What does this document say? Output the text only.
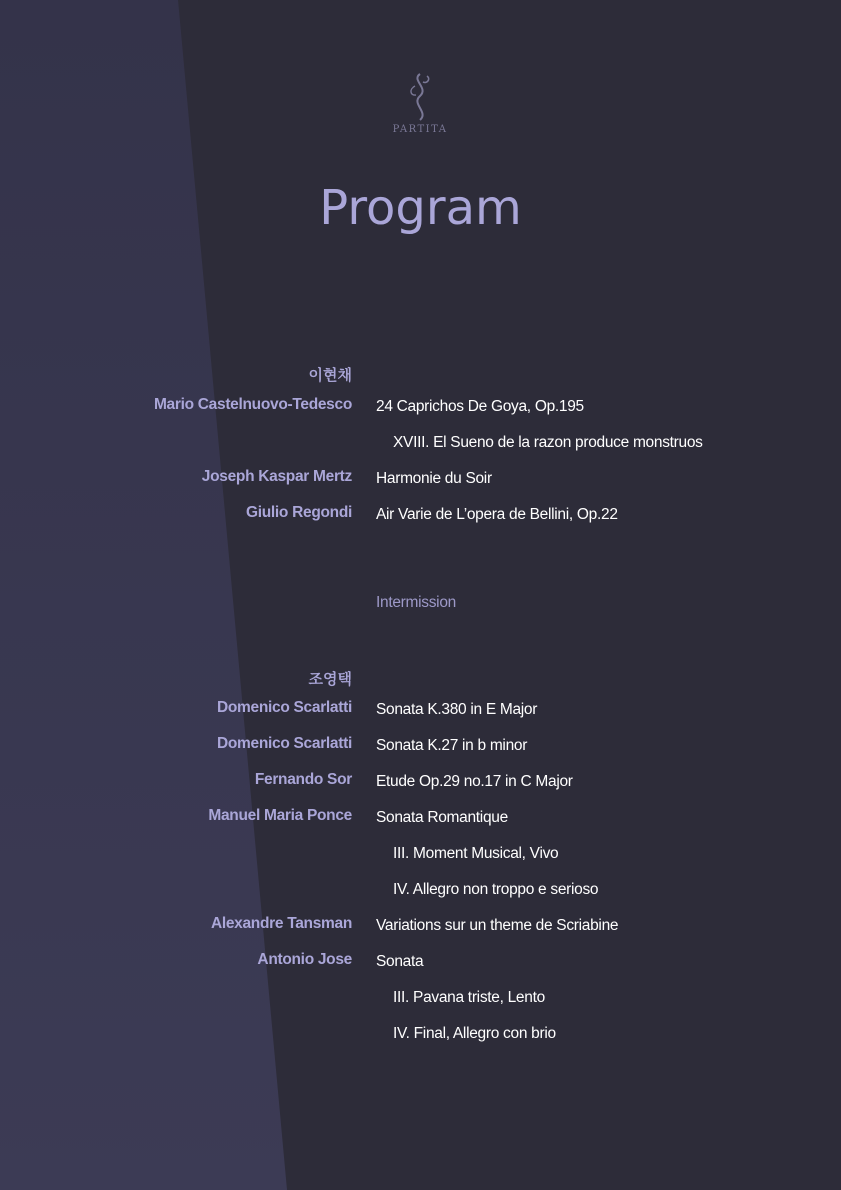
PARTITA
Program
이현채
Mario Castelnuovo-Tedesco 24 Caprichos De Goya, Op.195
XVIII. El Sueno de la razon produce monstruos
Joseph Kaspar Mertz Harmonie du Soir
Giulio Regondi Air Varie de L’opera de Bellini, Op.22
Intermission
조영택
Domenico Scarlatti Sonata K.380 in E Major
Domenico Scarlatti Sonata K.27 in b minor
Fernando Sor Etude Op.29 no.17 in C Major
Manuel Maria Ponce Sonata Romantique
III. Moment Musical, Vivo
IV. Allegro non troppo e serioso
Alexandre Tansman Variations sur un theme de Scriabine
Antonio Jose Sonata
III. Pavana triste, Lento
IV. Final, Allegro con brio
